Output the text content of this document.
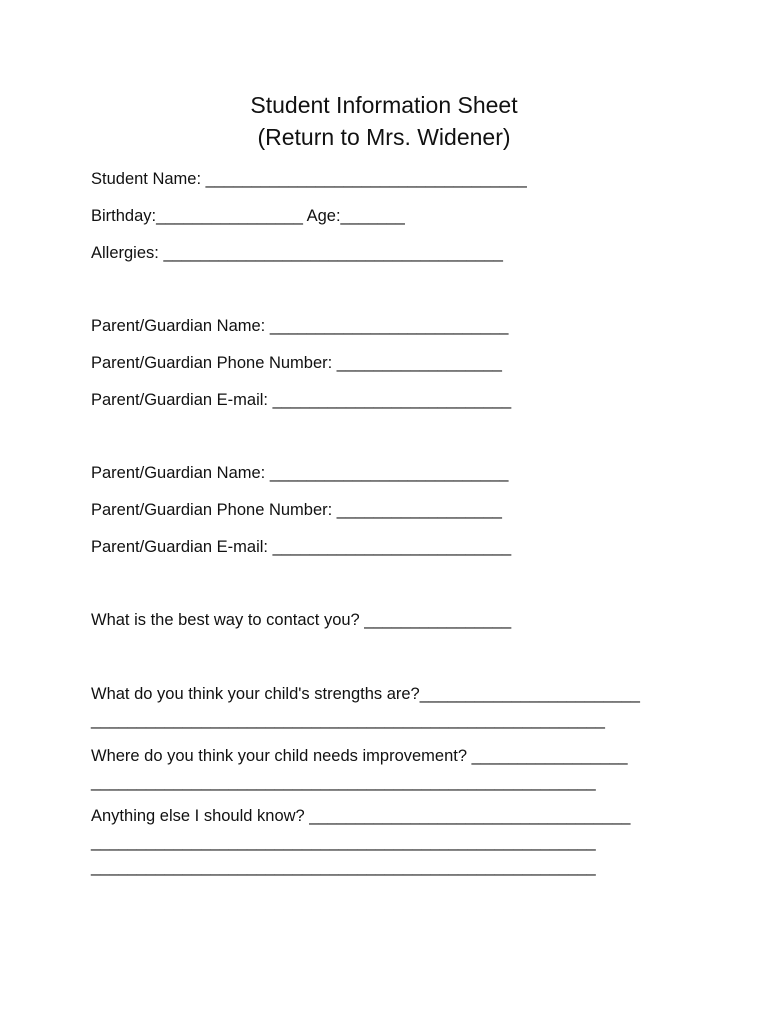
Student Information Sheet
(Return to Mrs. Widener)
Student Name: ___________________________________
Birthday:________________ Age:_______
Allergies: _____________________________________
Parent/Guardian Name: __________________________
Parent/Guardian Phone Number: __________________
Parent/Guardian E-mail: __________________________
Parent/Guardian Name: __________________________
Parent/Guardian Phone Number: __________________
Parent/Guardian E-mail: __________________________
What is the best way to contact you? ________________
What do you think your child's strengths are?________________________
________________________________________________________
Where do you think your child needs improvement? _________________
_______________________________________________________
Anything else I should know? ___________________________________
_______________________________________________________
_______________________________________________________
